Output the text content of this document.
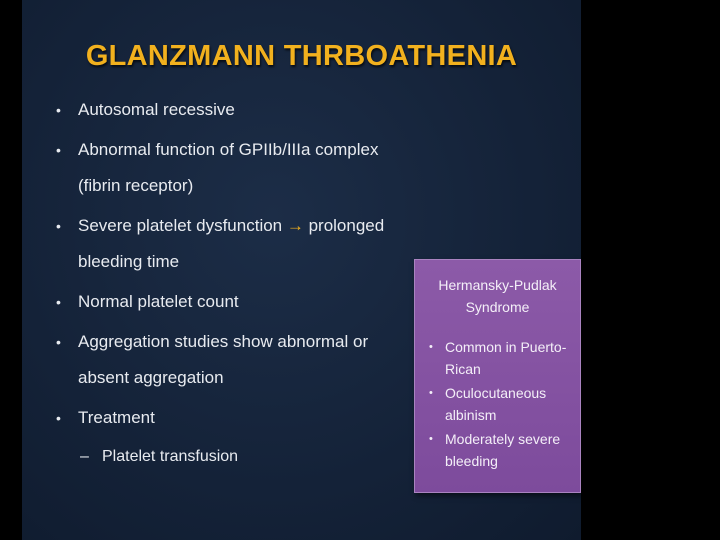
GLANZMANN THRBOATHENIA
• Autosomal recessive
• Abnormal function of GPIIb/IIIa complex (fibrin receptor)
• Severe platelet dysfunction → prolonged bleeding time
• Normal platelet count
• Aggregation studies show abnormal or absent aggregation
• Treatment
– Platelet transfusion
Hermansky-Pudlak Syndrome
• Common in Puerto-Rican
• Oculocutaneous albinism
• Moderately severe bleeding
